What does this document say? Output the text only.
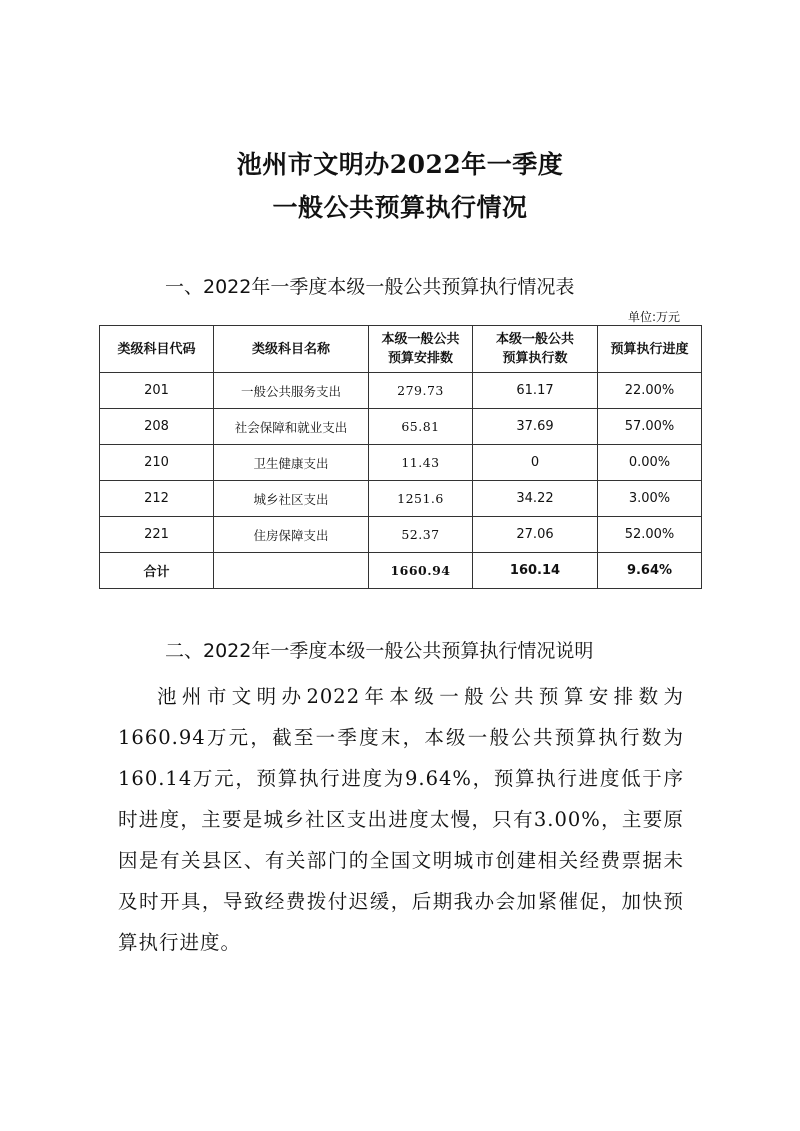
池州市文明办2022年一季度
一般公共预算执行情况
一、2022年一季度本级一般公共预算执行情况表
单位:万元
类级科目代码	类级科目名称	本级一般公共预算安排数	本级一般公共预算执行数	预算执行进度
201	一般公共服务支出	279.73	61.17	22.00%
208	社会保障和就业支出	65.81	37.69	57.00%
210	卫生健康支出	11.43	0	0.00%
212	城乡社区支出	1251.6	34.22	3.00%
221	住房保障支出	52.37	27.06	52.00%
合计		1660.94	160.14	9.64%
二、2022年一季度本级一般公共预算执行情况说明
池州市文明办2022年本级一般公共预算安排数为1660.94万元，截至一季度末，本级一般公共预算执行数为160.14万元，预算执行进度为9.64%，预算执行进度低于序时进度，主要是城乡社区支出进度太慢，只有3.00%，主要原因是有关县区、有关部门的全国文明城市创建相关经费票据未及时开具，导致经费拨付迟缓，后期我办会加紧催促，加快预算执行进度。
